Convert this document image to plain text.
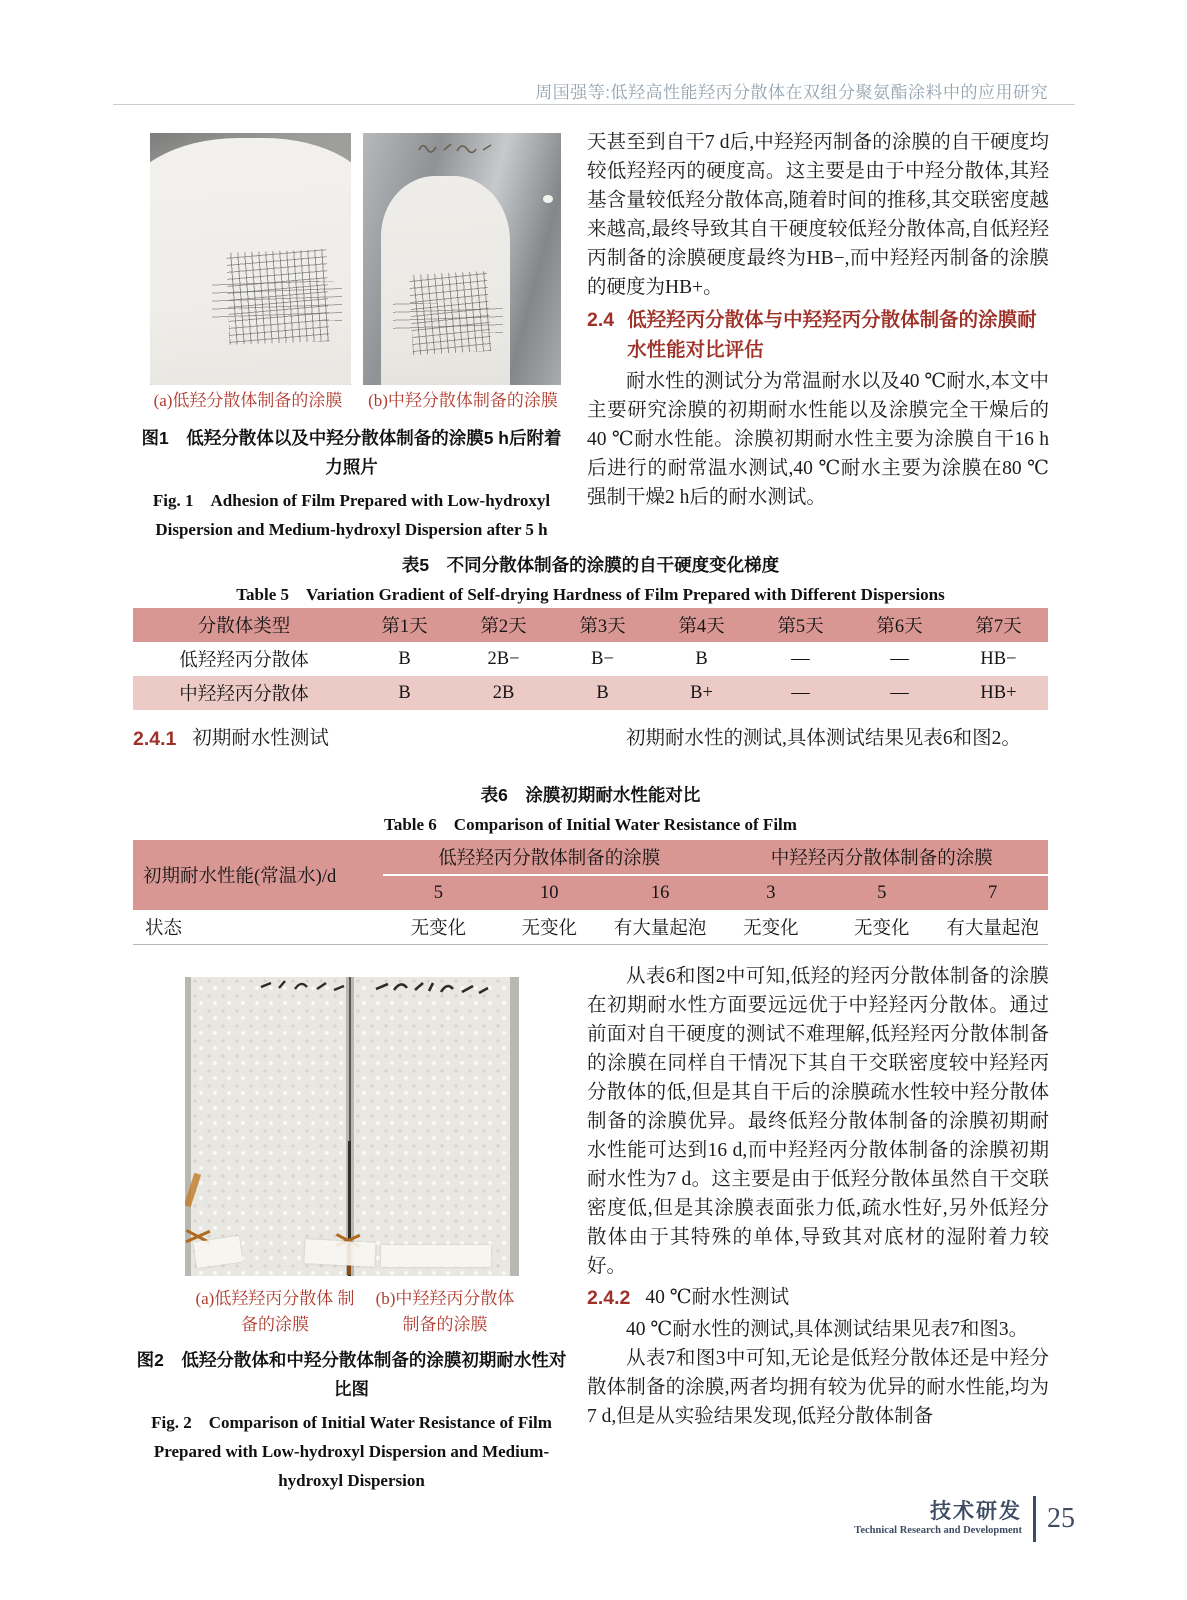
周国强等:低羟高性能羟丙分散体在双组分聚氨酯涂料中的应用研究
(a)低羟分散体制备的涂膜	(b)中羟分散体制备的涂膜
图1　低羟分散体以及中羟分散体制备的涂膜5 h后附着力照片
Fig. 1　Adhesion of Film Prepared with Low-hydroxyl Dispersion and Medium-hydroxyl Dispersion after 5 h

天甚至到自干7 d后,中羟羟丙制备的涂膜的自干硬度均较低羟羟丙的硬度高。这主要是由于中羟分散体,其羟基含量较低羟分散体高,随着时间的推移,其交联密度越来越高,最终导致其自干硬度较低羟分散体高,自低羟羟丙制备的涂膜硬度最终为HB−,而中羟羟丙制备的涂膜的硬度为HB+。

2.4 低羟羟丙分散体与中羟羟丙分散体制备的涂膜耐水性能对比评估

耐水性的测试分为常温耐水以及40 ℃耐水,本文中主要研究涂膜的初期耐水性能以及涂膜完全干燥后的40 ℃耐水性能。涂膜初期耐水性主要为涂膜自干16 h后进行的耐常温水测试,40 ℃耐水主要为涂膜在80 ℃强制干燥2 h后的耐水测试。

表5　不同分散体制备的涂膜的自干硬度变化梯度
Table 5　Variation Gradient of Self-drying Hardness of Film Prepared with Different Dispersions
分散体类型	第1天	第2天	第3天	第4天	第5天	第6天	第7天
低羟羟丙分散体	B	2B−	B−	B	—	—	HB−
中羟羟丙分散体	B	2B	B	B+	—	—	HB+
2.4.1 初期耐水性测试	初期耐水性的测试,具体测试结果见表6和图2。
表6　涂膜初期耐水性能对比
Table 6　Comparison of Initial Water Resistance of Film
初期耐水性能(常温水)/d	低羟羟丙分散体制备的涂膜			中羟羟丙分散体制备的涂膜		
	5	10	16	3	5	7
状态	无变化	无变化	有大量起泡	无变化	无变化	有大量起泡
(a)低羟羟丙分散体 制备的涂膜
(b)中羟羟丙分散体 制备的涂膜
图2　低羟分散体和中羟分散体制备的涂膜初期耐水性对比图
Fig. 2　Comparison of Initial Water Resistance of Film Prepared with Low-hydroxyl Dispersion and Medium-hydroxyl Dispersion

从表6和图2中可知,低羟的羟丙分散体制备的涂膜在初期耐水性方面要远远优于中羟羟丙分散体。通过前面对自干硬度的测试不难理解,低羟羟丙分散体制备的涂膜在同样自干情况下其自干交联密度较中羟羟丙分散体的低,但是其自干后的涂膜疏水性较中羟分散体制备的涂膜优异。最终低羟分散体制备的涂膜初期耐水性能可达到16 d,而中羟羟丙分散体制备的涂膜初期耐水性为7 d。这主要是由于低羟分散体虽然自干交联密度低,但是其涂膜表面张力低,疏水性好,另外低羟分散体由于其特殊的单体,导致其对底材的湿附着力较好。

2.4.2 40 ℃耐水性测试

40 ℃耐水性的测试,具体测试结果见表7和图3。

从表7和图3中可知,无论是低羟分散体还是中羟分散体制备的涂膜,两者均拥有较为优异的耐水性能,均为7 d,但是从实验结果发现,低羟分散体制备

技术研发
Technical Research and Development 25
